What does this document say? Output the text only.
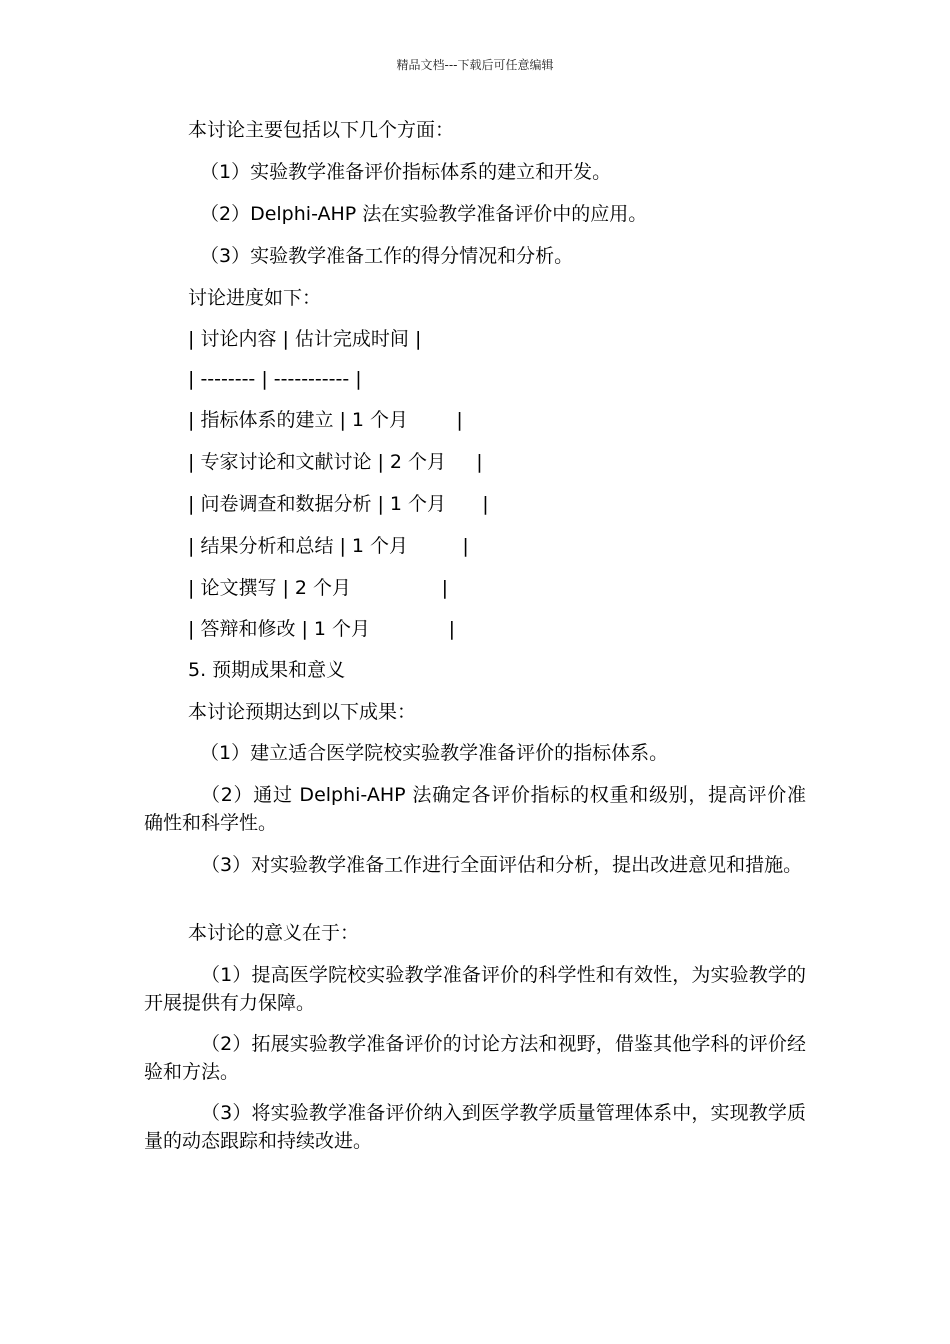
精品文档---下载后可任意编辑

本讨论主要包括以下几个方面：

（1）实验教学准备评价指标体系的建立和开发。

（2）Delphi-AHP 法在实验教学准备评价中的应用。

（3）实验教学准备工作的得分情况和分析。

讨论进度如下：

| 讨论内容 | 估计完成时间 |
| -------- | ----------- |
| 指标体系的建立 | 1 个月        |
| 专家讨论和文献讨论 | 2 个月     |
| 问卷调查和数据分析 | 1 个月      |
| 结果分析和总结 | 1 个月         |
| 论文撰写 | 2 个月               |
| 答辩和修改 | 1 个月             |

5. 预期成果和意义

本讨论预期达到以下成果：

（1）建立适合医学院校实验教学准备评价的指标体系。

（2）通过 Delphi-AHP 法确定各评价指标的权重和级别，提高评价准确性和科学性。

（3）对实验教学准备工作进行全面评估和分析，提出改进意见和措施。

本讨论的意义在于：

（1）提高医学院校实验教学准备评价的科学性和有效性，为实验教学的开展提供有力保障。

（2）拓展实验教学准备评价的讨论方法和视野，借鉴其他学科的评价经验和方法。

（3）将实验教学准备评价纳入到医学教学质量管理体系中，实现教学质量的动态跟踪和持续改进。
